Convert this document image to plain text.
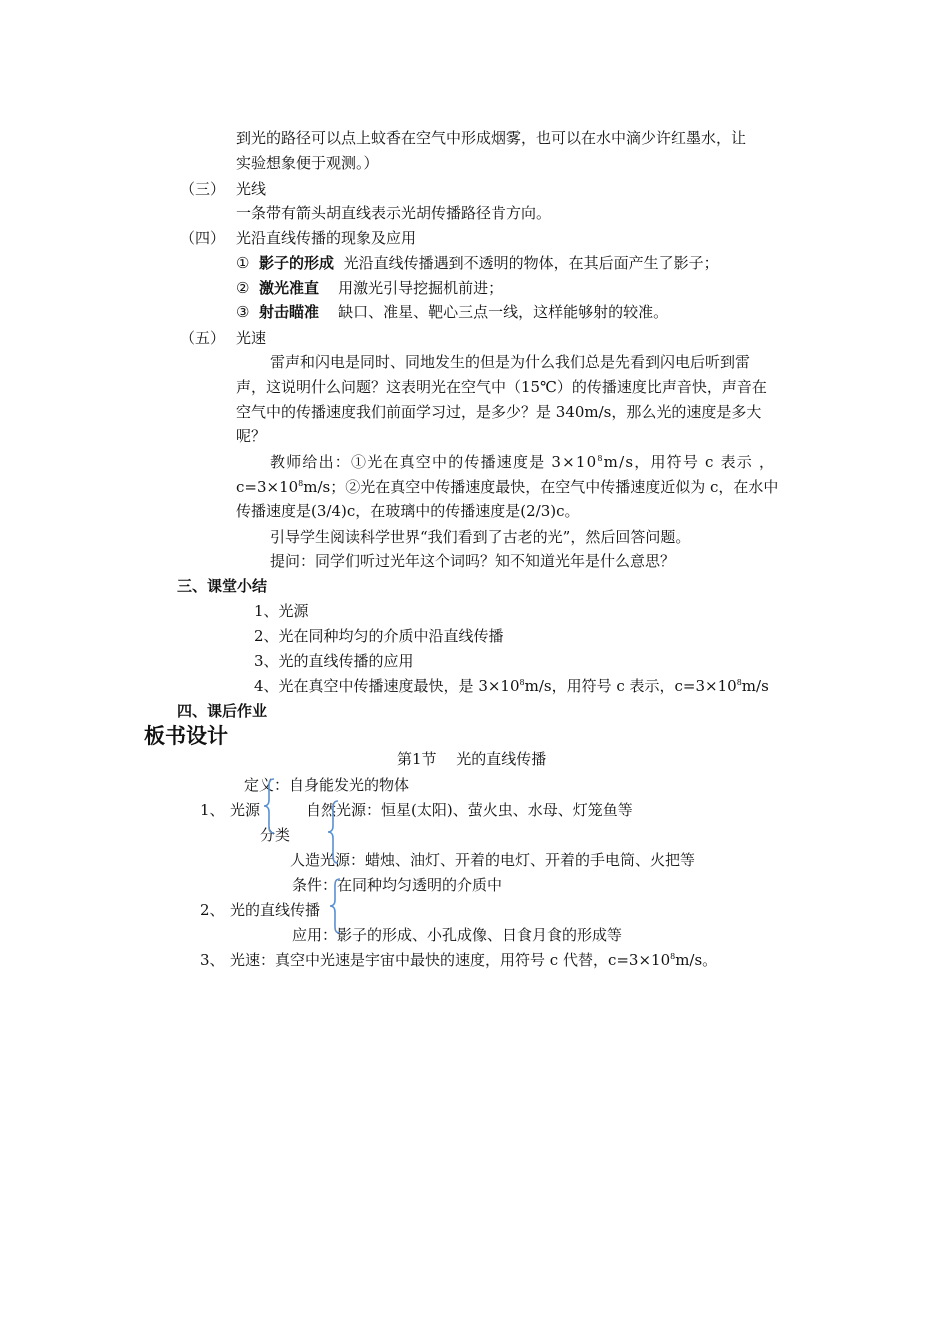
到光的路径可以点上蚊香在空气中形成烟雾，也可以在水中滴少许红墨水，让
实验想象便于观测。）
（三） 光线
一条带有箭头胡直线表示光胡传播路径肯方向。
（四） 光沿直线传播的现象及应用
① 影子的形成 光沿直线传播遇到不透明的物体，在其后面产生了影子；
② 激光准直 用激光引导挖掘机前进；
③ 射击瞄准 缺口、准星、靶心三点一线，这样能够射的较准。
（五） 光速
雷声和闪电是同时、同地发生的但是为什么我们总是先看到闪电后听到雷
声，这说明什么问题？这表明光在空气中（15℃）的传播速度比声音快，声音在
空气中的传播速度我们前面学习过，是多少？是 340m/s，那么光的速度是多大
呢？
教师给出：①光在真空中的传播速度是 $3\times 10^8m/s$，用符号 c 表示 ，
$c=3\times 10^8m/s$；②光在真空中传播速度最快，在空气中传播速度近似为 c，在水中
传播速度是(3/4)c，在玻璃中的传播速度是(2/3)c。
引导学生阅读科学世界“我们看到了古老的光”，然后回答问题。
提问：同学们听过光年这个词吗？知不知道光年是什么意思？
三、课堂小结
1、光源
2、光在同种均匀的介质中沿直线传播
3、光的直线传播的应用
4、光在真空中传播速度最快，是 $3\times 10^8m/s$，用符号 c 表示，$c=3\times 10^8m/s$
四、课后作业
板书设计
第1节　 光的直线传播
定义：自身能发光的物体
1、 光源	自然光源：恒星(太阳)、萤火虫、水母、灯笼鱼等
分类
人造光源：蜡烛、油灯、开着的电灯、开着的手电筒、火把等
条件：在同种均匀透明的介质中
2、 光的直线传播
应用：影子的形成、小孔成像、日食月食的形成等
3、 光速：真空中光速是宇宙中最快的速度，用符号 c 代替，$c=3\times 10^8m/s$。
